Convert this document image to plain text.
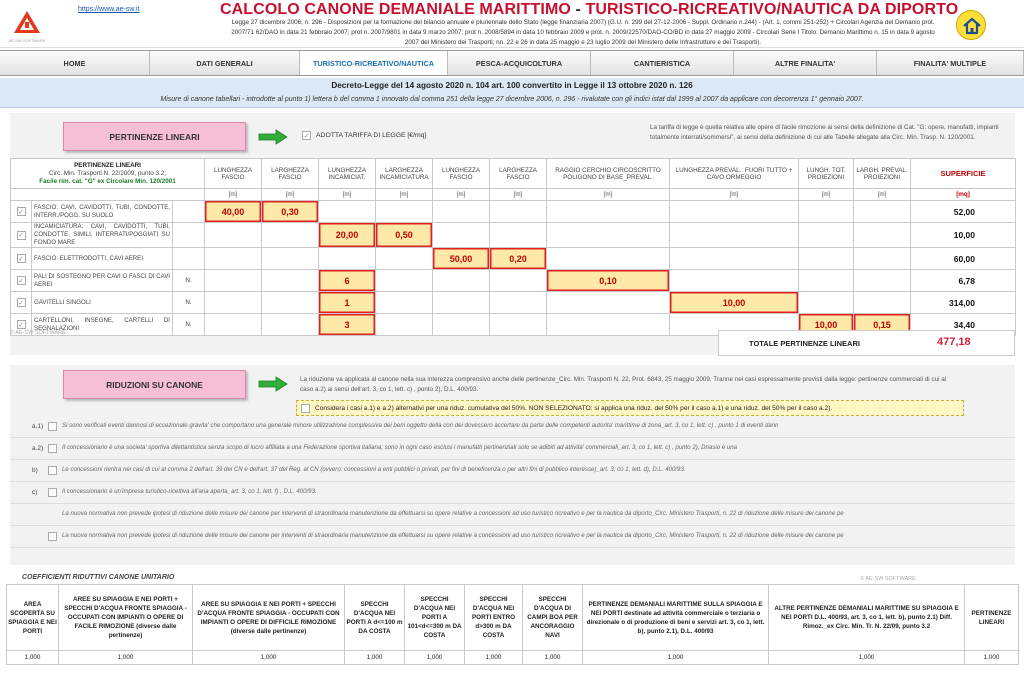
AE-SW SOFTWARE
https://www.ae-sw.it	CALCOLO CANONE DEMANIALE MARITTIMO - TURISTICO-RICREATIVO/NAUTICA DA DIPORTO
Legge 27 dicembre 2006, n. 296 - Disposizioni per la formazione del bilancio annuale e pluriennale dello Stato (legge finanziaria 2007) (G.U. n. 299 del 27-12-2006 - Suppl. Ordinario n.244) - (Art. 1, commi 251-252) + Circolari Agenzia del Demanio prot. 2007/71 62/DAO in data 21 febbraio 2007; prot n. 2007/9801 in data 9 marzo 2007; prot n. 2008/5894 in data 10 febbraio 2009 e prot. n. 2009/22570/DAO-CO/BD in data 27 maggio 2009 - Circolari Serie I Titolo: Demanio Marittimo n. 15 in data 9 agosto 2007 del Ministero dei Trasporti; nn. 22 e 26 in data 25 maggio e 23 luglio 2009 del Ministero delle Infrastrutture e dei Trasporti).
HOME	DATI GENERALI	TURISTICO-RICREATIVO/NAUTICA	PESCA-ACQUICOLTURA	CANTIERISTICA	ALTRE FINALITA'	FINALITA' MULTIPLE
Decreto-Legge del 14 agosto 2020 n. 104 art. 100 convertito in Legge il 13 ottobre 2020 n. 126
Misure di canone tabellari - introdotte al punto 1) lettera b del comma 1 innovato dal comma 251 della legge 27 dicembre 2006, n. 296 - rivalutate con gli indici istat dal 1999 al 2007 da applicare con decorrenza 1° gennaio 2007.
PERTINENZE LINEARI	✓ ADOTTA TARIFFA DI LEGGE [€/mq]
La tariffa di legge è quella relativa alle opere di facile rimozione ai sensi della definizione di Cat. "G: opere, manufatti, impianti totalmente interrati/sommersi", ai sensi della definizione di cui alle Tabelle allegate alla Circ. Min. Trasp. N. 120/2001.
PERTINENZE LINEARI
Circ. Min. Trasporti N. 22/2009, punto 3.2;
Facile rim. cat. "G" ex Circolare Min. 120/2001			LUNGHEZZA FASCIO	LARGHEZZA FASCIO	LUNGHEZZA INCAMICIAT.	LARGHEZZA INCAMICIATURA	LUNGHEZZA FASCIO	LARGHEZZA FASCIO	RAGGIO CERCHIO CIRCOSCRITTO POLIGONO DI BASE_PREVAL.	LUNGHEZZA PREVAL.: FUORI TUTTO + CAVO ORMEGGIO	LUNGH. TOT. PROIEZIONI	LARGH. PREVAL. PROIEZIONI	SUPERFICIE
			[m]	[m]	[m]	[m]	[m]	[m]	[m]	[m]	[m]	[m]	[mq]
✓	FASCIO: CAVI, CAVIDOTTI, TUBI, CONDOTTE, INTERR./POGG. SU SUOLO		40,00	0,30									52,00
✓	INCAMICIATURA: CAVI, CAVIDOTTI, TUBI, CONDOTTE, SIMILI, INTERRATI/POGGIATI SU FONDO MARE				20,00	0,50							10,00
✓	FASCIO: ELETTRODOTTI, CAVI AEREI						50,00	0,20					60,00
✓	PALI DI SOSTEGNO PER CAVI O FASCI DI CAVI AEREI	N.			6				0,10				6,78
✓	GAVITELLI SINGOLI	N.			1					10,00			314,00
✓	CARTELLONI, INSEGNE, CARTELLI DI SEGNALAZIONI	N.			3						10,00	0,15	34,40
© AE-SW SOFTWARE
TOTALE PERTINENZE LINEARI	477,18
RIDUZIONI SU CANONE	La riduzione va applicata al canone nella sua interezza comprensivo anche delle pertinenze_Circ. Min. Trasporti N. 22, Prot. 6843, 25 maggio 2009. Tranne nei casi espressamente previsti dalla legge: pertinenze commerciali di cui al caso a.2) ai sensi dell'art. 3, co 1, lett. c) , punto 2), D.L. 400/93.
Considera i casi a.1) e a.2) alternativi per una riduz. cumulativa del 50%. NON SELEZIONATO: si applica una riduz. del 50% per il caso a.1) e una riduz. del 50% per il caso a.2).
a.1)	Si sono verificati eventi dannosi di eccezionale gravita' che comportano una generale minore utilizzazione complessiva dei beni oggetto della con dei dovessero accertare da parte delle competenti autorita' marittime di zona_art. 3, co 1, lett. c) , punto 1 di eventi dann
a.2)	Il concessionario è una societa' sportiva dilettantistica senza scopo di lucro affiliata a una Federazione sportiva italiana; sono in ogni caso esclusi i manufatti pertinenziali solo se adibiti ad attivita' commerciali_art. 3, co 1, lett. c) , punto 2), Dnasio è una
b)	Le concessioni rientra nei casi di cui al comma 2 dell'art. 39 del CN e dell'art. 37 del Reg. al CN (ovvero: concessioni a enti pubblici o privati, per fini di beneficenza o per altri fini di pubblico interesse)_art. 3, co 1, lett. d), D.L. 400/93.
c)	Il concessionario è un'impresa turistico-ricettiva all'aria aperta_art. 3, co 1, lett. f) , D.L. 400/93.
La nuova normativa non prevede ipotesi di riduzione delle misure dei canone per interventi di straordinaria manutenzione da effettuarsi su opere relative a concessioni ad uso turistico ricreativo e per la nautica da diporto_Circ. Ministero Trasporti, n. 22 di riduzione delle misure dei canone pe
La nuova normativa non prevede ipotesi di riduzione delle misure dei canone per interventi di straordinaria manutenzione da effettuarsi su opere relative a concessioni ad uso turistico ricreativo e per la nautica da diporto_Circ. Ministero Trasporti, n. 22 di riduzione delle misure dei canone pe
COEFFICIENTI RIDUTTIVI CANONE UNITARIO	© AE-SW SOFTWARE
AREA SCOPERTA SU SPIAGGIA E NEI PORTI	AREE SU SPIAGGIA E NEI PORTI + SPECCHI D'ACQUA FRONTE SPIAGGIA - OCCUPATI CON IMPIANTI O OPERE DI FACILE RIMOZIONE (diverse dalle pertinenze)	AREE SU SPIAGGIA E NEI PORTI + SPECCHI D'ACQUA FRONTE SPIAGGIA - OCCUPATI CON IMPIANTI O OPERE DI DIFFICILE RIMOZIONE (diverse dalle pertinenze)	SPECCHI D'ACQUA NEI PORTI A d<=100 m DA COSTA	SPECCHI D'ACQUA NEI PORTI A 101<d<=300 m DA COSTA	SPECCHI D'ACQUA NEI PORTI ENTRO d>300 m DA COSTA	SPECCHI D'ACQUA DI CAMPI BOA PER ANCORAGGIO NAVI	PERTINENZE DEMANIALI MARITTIME SULLA SPIAGGIA E NEI PORTI destinate ad attività commerciale o terziaria o direzionale o di produzione di beni e servizi art. 3, co 1, lett. b), punto 2.1), D.L. 400/93	ALTRE PERTINENZE DEMANIALI MARITTIME SU SPIAGGIA E NEI PORTI D.L. 400/93, art. 3, co 1, lett. b), punto 2.1) Diff. Rimoz._ex Circ. Min. Tr. N. 22/09, punto 3.2	PERTINENZE LINEARI
1,000	1,000	1,000	1,000	1,000	1,000	1,000	1,000	1,000	1,000
